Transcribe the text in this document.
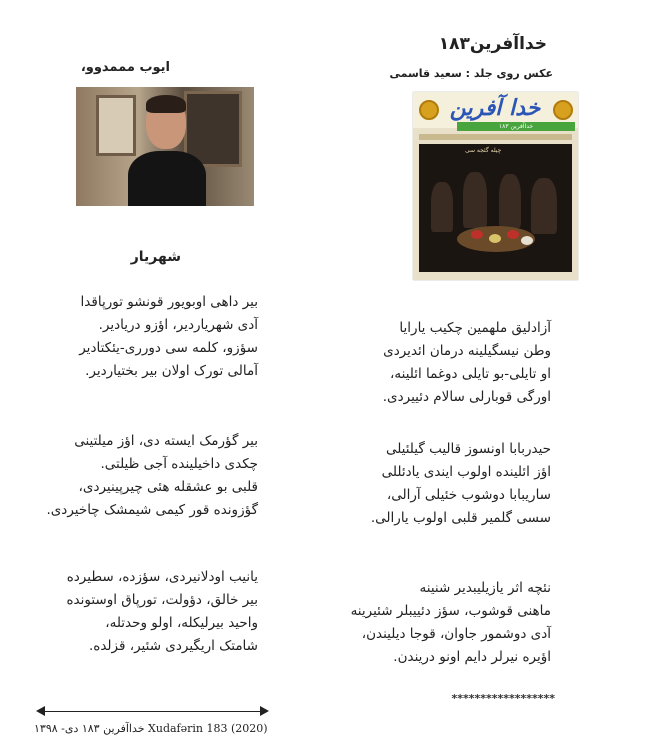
خداآفرین۱۸۳
عکس روی جلد : سعید قاسمی
خدا آفرین
خداآفرین ۱۸۳
چیله گئجه سی
ایوب مممدوو،
شهریار
آزادلیق ملهمین چکیب یارایا
وطن نیسگیلینه درمان ائدیردی
او تایلی-بو تایلی دوغما ائلینه،
اورگی قوبارلی سالام دئییردی.
حیدربابا اونسوز قالیب گیلئیلی
اؤز ائلینده اولوب ایندی یادئللی
ساریبابا دوشوب خئیلی آرالی،
سسی گلمیر قلبی اولوب یارالی.
نئچه اثر یازیلیبدیر شنینه
ماهنی قوشوب، سؤز دئییبلر شئیرینه
آدی دوشمور جاوان، قوجا دیلیندن،
اؤیره نیرلر دایم اونو دریندن.
******************
بیر داهی اوبویور قونشو تورپاقدا
آدی شهریاردیر، اؤزو دریادیر.
سؤزو، کلمه سی دورری-یئکتادیر
آمالی تورک اولان بیر بختیاردیر.
بیر گؤرمک ایسته دی، اؤز میلتینی
چکدی داخیلینده آجی ظیلتی.
قلبی بو عشقله هئی چیرپینیردی،
گؤزونده قور کیمی شیمشک چاخیردی.
یانیب اودلانیردی، سؤزده، سطیرده
بیر خالق، دؤولت، تورپاق اوستونده
واحید بیرلیکله، اولو وحدتله،
شامتک اریگیردی شئیر، قزلده.
خداآفرین ۱۸۳ دی- ۱۳۹۸ Xudafərin 183 (2020)
